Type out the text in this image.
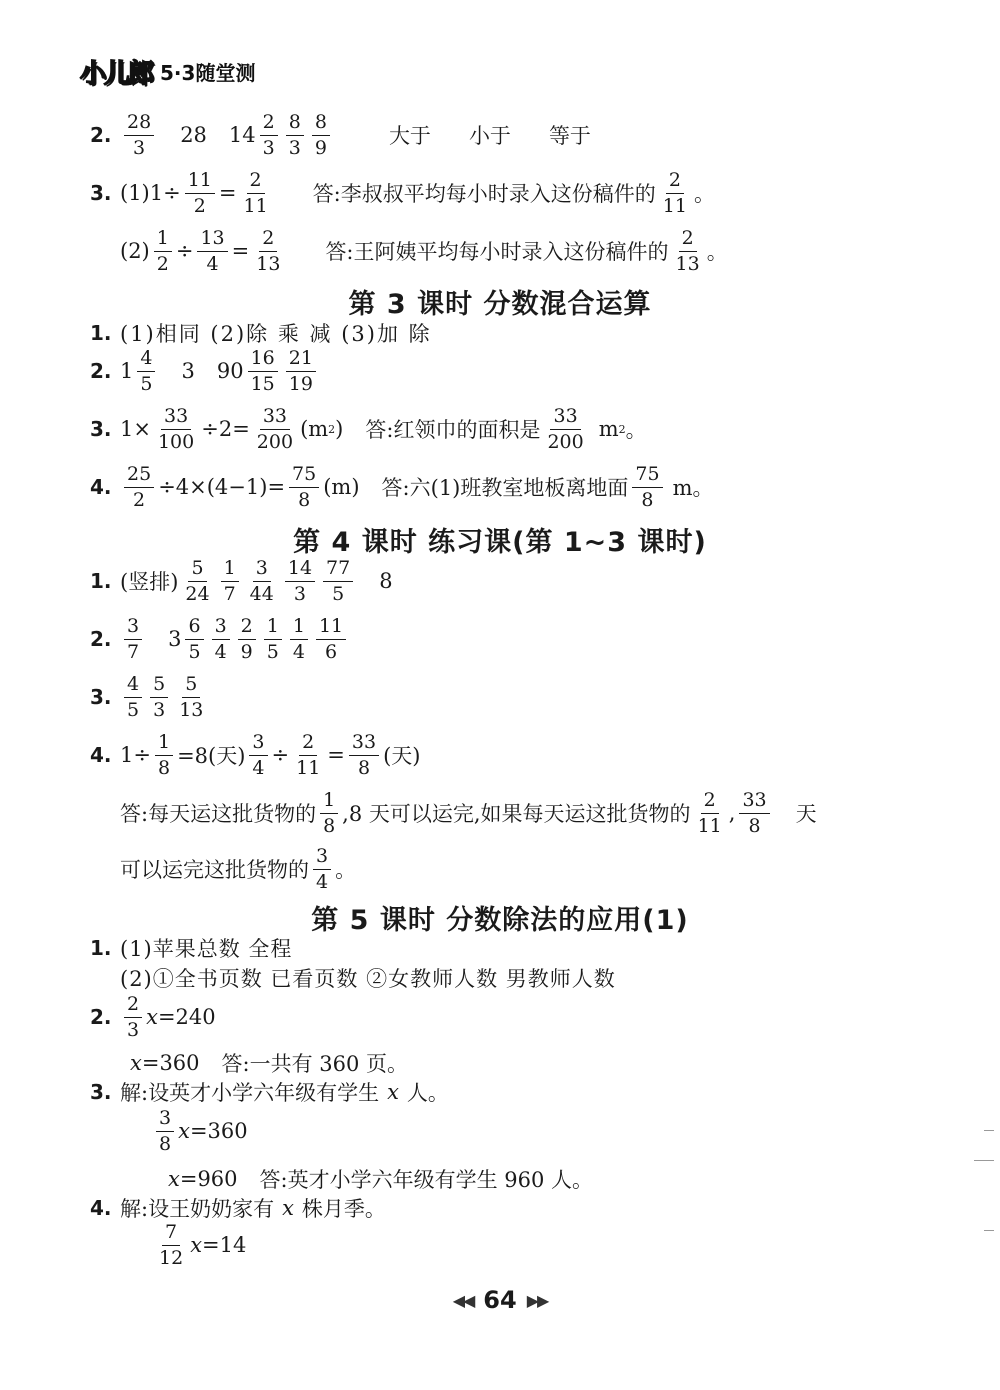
小儿郎 5·3随堂测
2. $\frac{28}{3} 28$ $14 \frac{2}{3} \frac{8}{3} \frac{8}{9}$	大于 小于 等于
3. $(1)1\div \frac{11}{2} = \frac{2}{11}$ 答:李叔叔平均每小时录入这份稿件的 $\frac{2}{11}$ 。
$(2) \frac{1}{2} \div \frac{13}{4} = \frac{2}{13}$ 答:王阿姨平均每小时录入这份稿件的 $\frac{2}{13}$ 。
第 3 课时 分数混合运算
1. (1)相同 (2)除 乘 减 (3)加 除
2. $1 \frac{4}{5} 3$ $90 \frac{16}{15} \frac{21}{19}$
3. $1\times \frac{33}{100} \div 2= \frac{33}{200} (m$ 2 ) 答:红领巾的面积是 $\frac{33}{200}$ m 2 。
4. $\frac{25}{2} \div 4\times(4-1)= \frac{75}{8} (m)$ 答:六(1)班教室地板离地面 $\frac{75}{8}$ m。
第 4 课时 练习课(第 1~3 课时)
1. (竖排) $\frac{5}{24} \frac{1}{7} \frac{3}{44} \frac{14}{3} \frac{77}{5} 8$
2. $\frac{3}{7} 3 \frac{6}{5} \frac{3}{4} \frac{2}{9} \frac{1}{5} \frac{1}{4} \frac{11}{6}$
3. $\frac{4}{5} \frac{5}{3} \frac{5}{13}$
4. $1\div \frac{1}{8} =8$(天) $\frac{3}{4} \div \frac{2}{11} = \frac{33}{8}$ (天)
答:每天运这批货物的 $\frac{1}{8} ,8$ 天可以运完,如果每天运这批货物的 $\frac{2}{11}$ , $\frac{33}{8}$ 天
可以运完这批货物的 $\frac{3}{4}$ 。
第 5 课时 分数除法的应用(1)
1. (1)苹果总数 全程
(2)①全书页数 已看页数 ②女教师人数 男教师人数
2. $\frac{2}{3}$ x =240
x =360 答:一共有 360 页。
3. 解:设英才小学六年级有学生 x 人。
$\frac{3}{8}$ x =360
x =960 答:英才小学六年级有学生 960 人。
4. 解:设王奶奶家有 x 株月季。
$\frac{7}{12}$ x =14
◀◀ 64 ▶▶
